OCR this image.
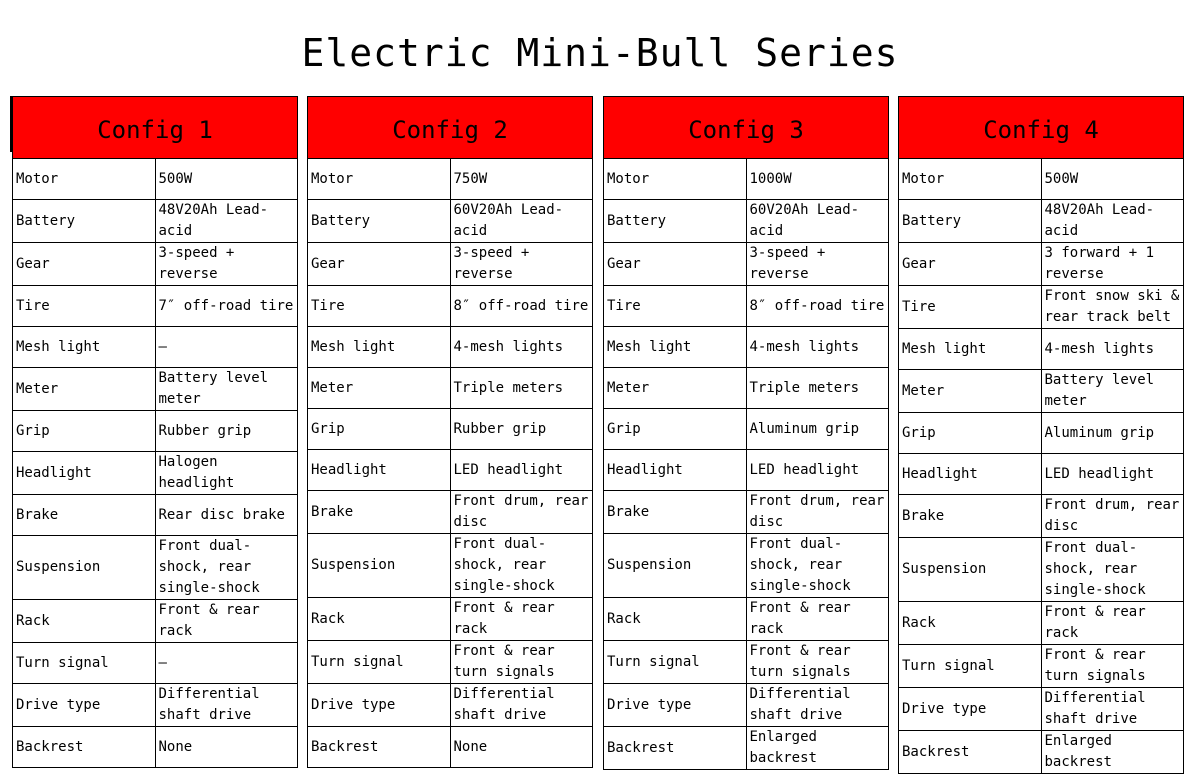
Electric Mini-Bull Series
Config 1	
Motor	500W
Battery	48V20Ah Lead-acid
Gear	3-speed + reverse
Tire	7″ off-road tire
Mesh light	—
Meter	Battery level meter
Grip	Rubber grip
Headlight	Halogen headlight
Brake	Rear disc brake
Suspension	Front dual-shock, rear single-shock
Rack	Front & rear rack
Turn signal	—
Drive type	Differential shaft drive
Backrest	None
Config 2	
Motor	750W
Battery	60V20Ah Lead-acid
Gear	3-speed + reverse
Tire	8″ off-road tire
Mesh light	4-mesh lights
Meter	Triple meters
Grip	Rubber grip
Headlight	LED headlight
Brake	Front drum, rear disc
Suspension	Front dual-shock, rear single-shock
Rack	Front & rear rack
Turn signal	Front & rear turn signals
Drive type	Differential shaft drive
Backrest	None
Config 3	
Motor	1000W
Battery	60V20Ah Lead-acid
Gear	3-speed + reverse
Tire	8″ off-road tire
Mesh light	4-mesh lights
Meter	Triple meters
Grip	Aluminum grip
Headlight	LED headlight
Brake	Front drum, rear disc
Suspension	Front dual-shock, rear single-shock
Rack	Front & rear rack
Turn signal	Front & rear turn signals
Drive type	Differential shaft drive
Backrest	Enlarged backrest
Config 4	
Motor	500W
Battery	48V20Ah Lead-acid
Gear	3 forward + 1 reverse
Tire	Front snow ski & rear track belt
Mesh light	4-mesh lights
Meter	Battery level meter
Grip	Aluminum grip
Headlight	LED headlight
Brake	Front drum, rear disc
Suspension	Front dual-shock, rear single-shock
Rack	Front & rear rack
Turn signal	Front & rear turn signals
Drive type	Differential shaft drive
Backrest	Enlarged backrest
